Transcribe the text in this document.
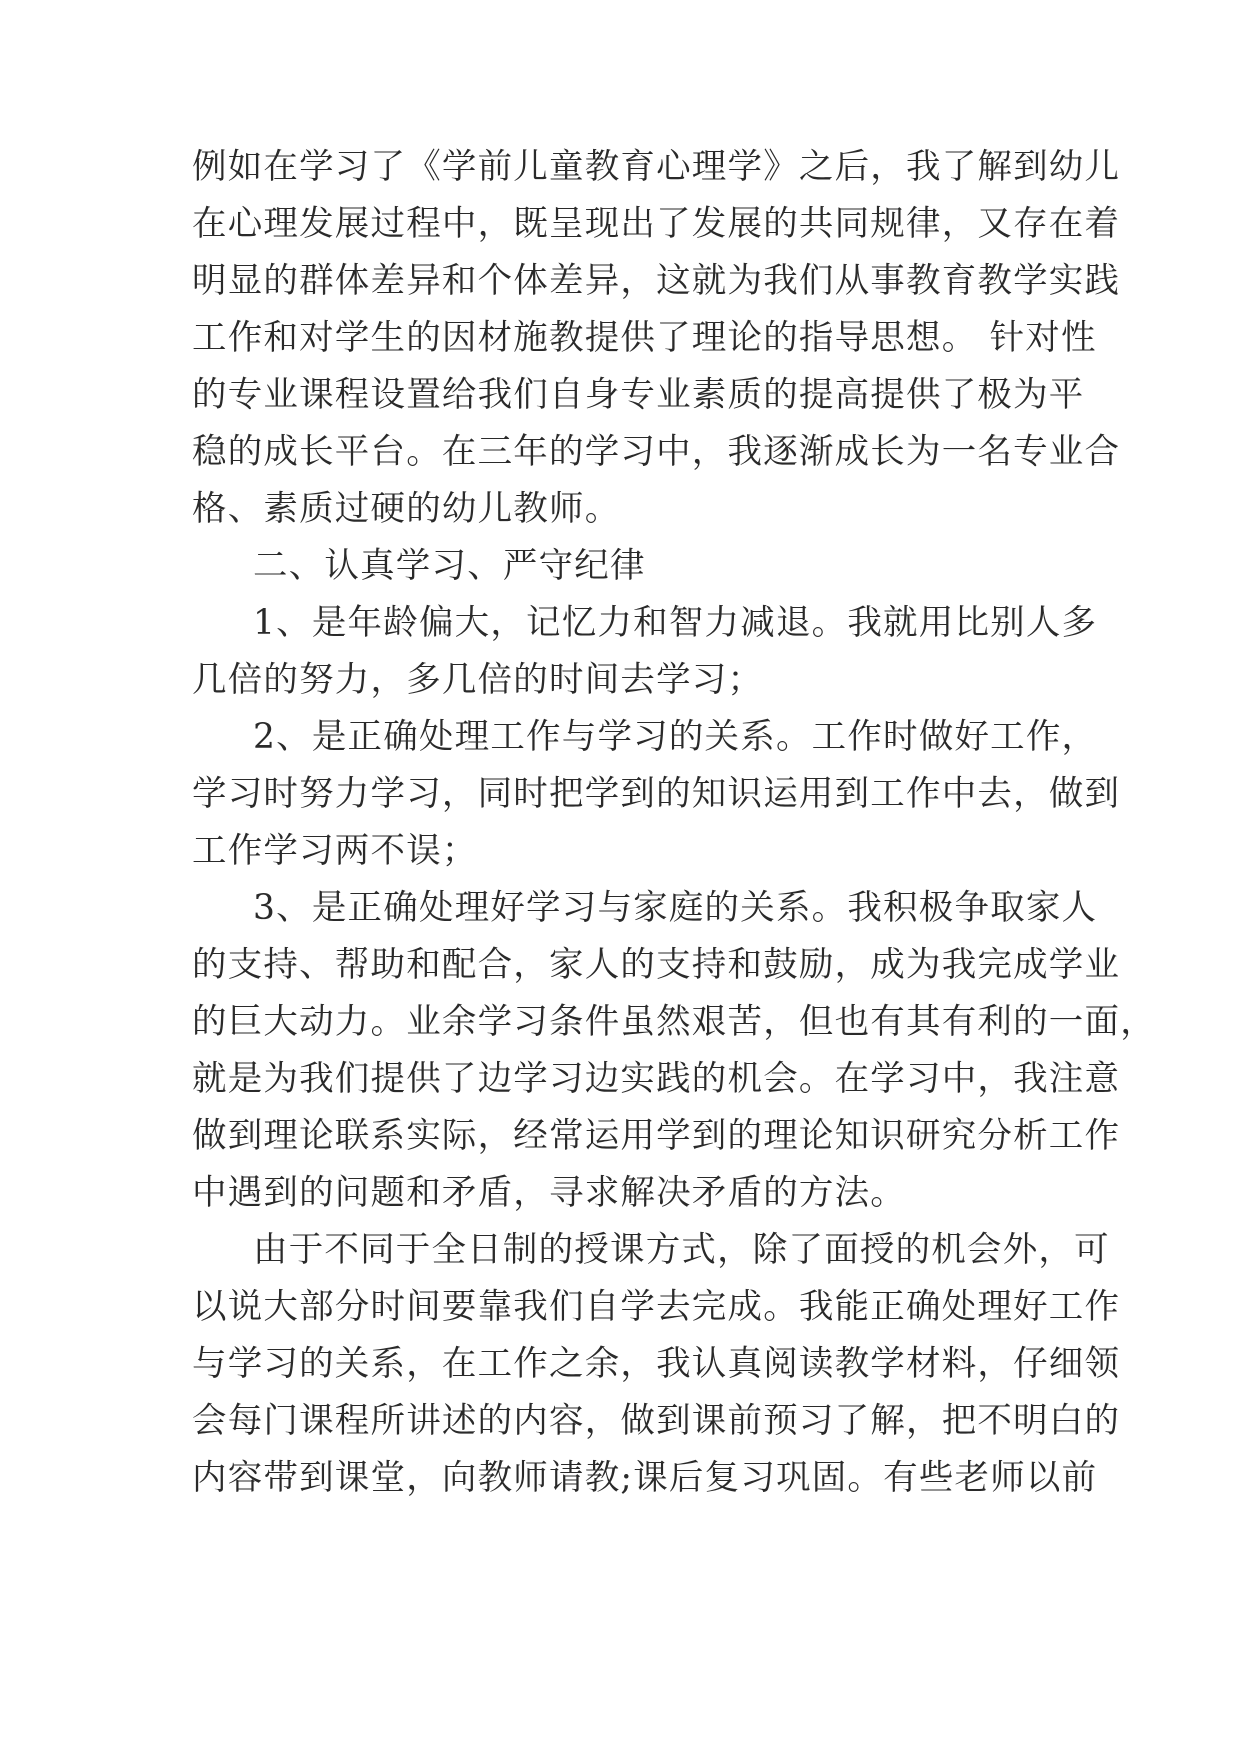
例如在学习了《学前儿童教育心理学》之后，我了解到幼儿
在心理发展过程中，既呈现出了发展的共同规律，又存在着
明显的群体差异和个体差异，这就为我们从事教育教学实践
工作和对学生的因材施教提供了理论的指导思想。 针对性
的专业课程设置给我们自身专业素质的提高提供了极为平
稳的成长平台。在三年的学习中，我逐渐成长为一名专业合
格、素质过硬的幼儿教师。
二、认真学习、严守纪律
1、是年龄偏大，记忆力和智力减退。我就用比别人多
几倍的努力，多几倍的时间去学习；
2、是正确处理工作与学习的关系。工作时做好工作，
学习时努力学习，同时把学到的知识运用到工作中去，做到
工作学习两不误；
3、是正确处理好学习与家庭的关系。我积极争取家人
的支持、帮助和配合，家人的支持和鼓励，成为我完成学业
的巨大动力。业余学习条件虽然艰苦，但也有其有利的一面，
就是为我们提供了边学习边实践的机会。在学习中，我注意
做到理论联系实际，经常运用学到的理论知识研究分析工作
中遇到的问题和矛盾，寻求解决矛盾的方法。
由于不同于全日制的授课方式，除了面授的机会外，可
以说大部分时间要靠我们自学去完成。我能正确处理好工作
与学习的关系，在工作之余，我认真阅读教学材料，仔细领
会每门课程所讲述的内容，做到课前预习了解，把不明白的
内容带到课堂，向教师请教;课后复习巩固。有些老师以前
